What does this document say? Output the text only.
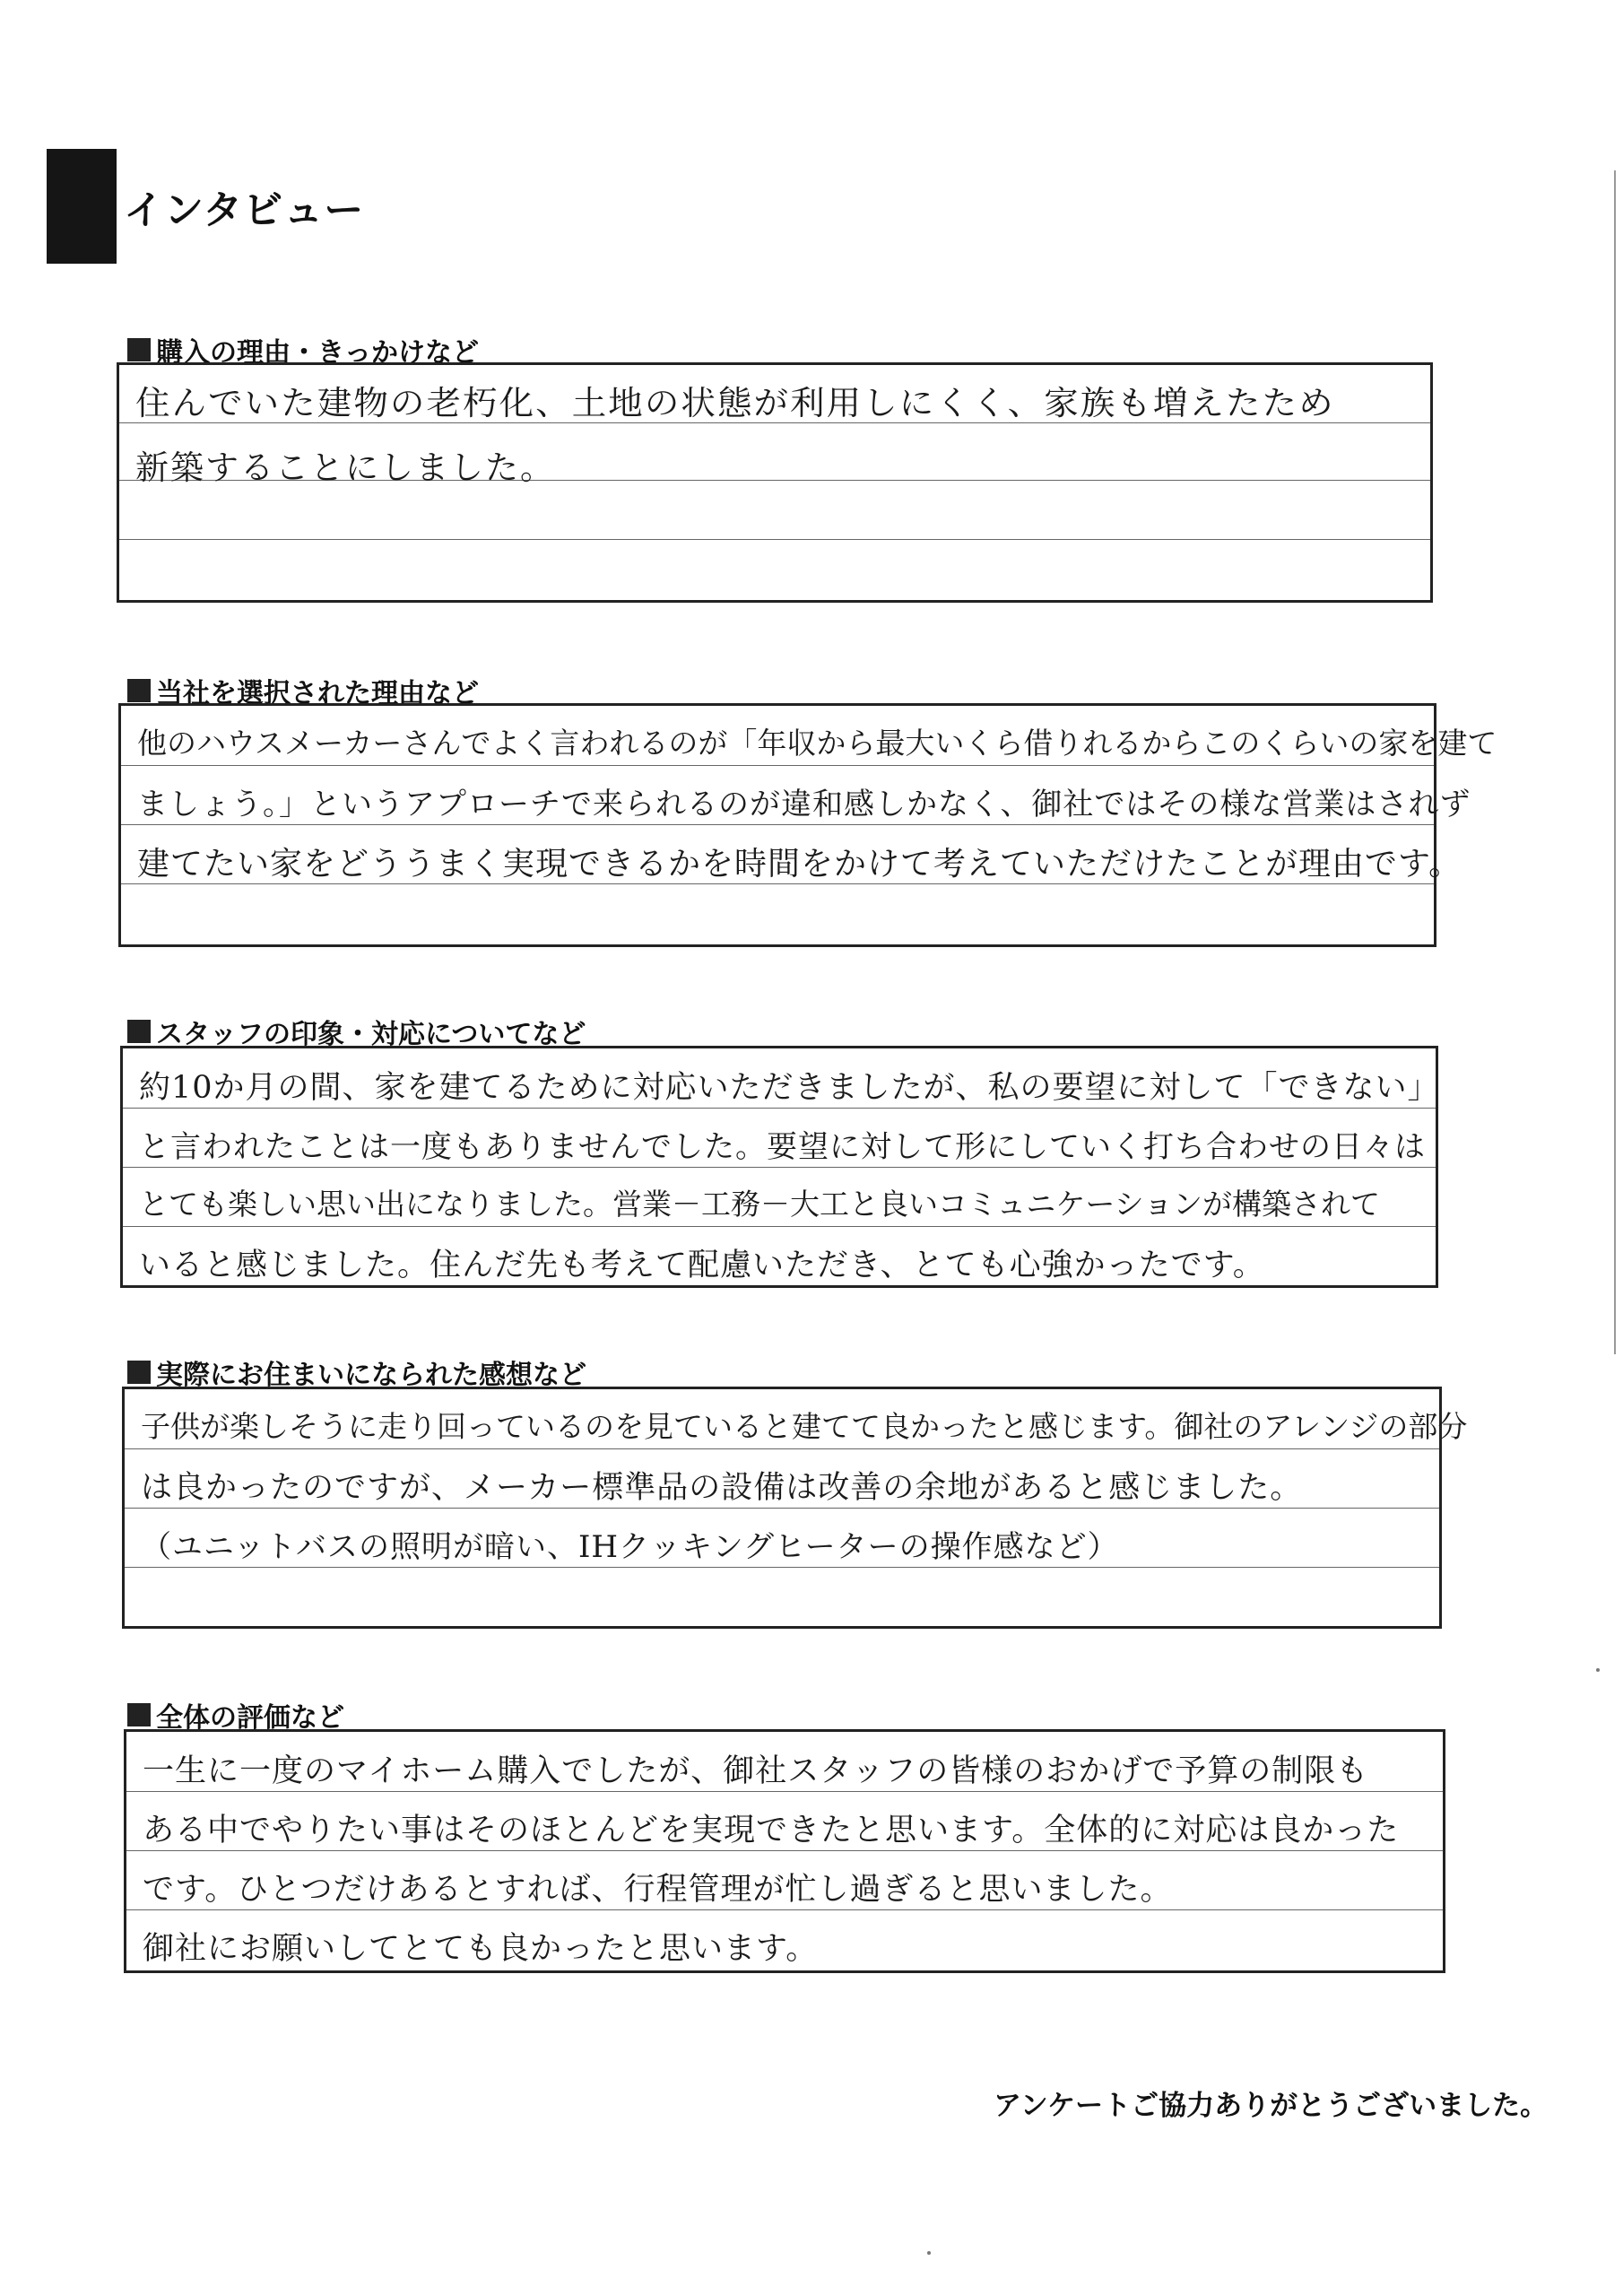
インタビュー
購入の理由・きっかけなど
住んでいた建物の老朽化、土地の状態が利用しにくく、家族も増えたため
新築することにしました。
当社を選択された理由など
他のハウスメーカーさんでよく言われるのが「年収から最大いくら借りれるからこのくらいの家を建て
ましょう。」というアプローチで来られるのが違和感しかなく、御社ではその様な営業はされず
建てたい家をどううまく実現できるかを時間をかけて考えていただけたことが理由です。
スタッフの印象・対応についてなど
約10か月の間、家を建てるために対応いただきましたが、私の要望に対して「できない」
と言われたことは一度もありませんでした。要望に対して形にしていく打ち合わせの日々は
とても楽しい思い出になりました。営業－工務－大工と良いコミュニケーションが構築されて
いると感じました。住んだ先も考えて配慮いただき、とても心強かったです。
実際にお住まいになられた感想など
子供が楽しそうに走り回っているのを見ていると建てて良かったと感じます。御社のアレンジの部分
は良かったのですが、メーカー標準品の設備は改善の余地があると感じました。
（ユニットバスの照明が暗い、IHクッキングヒーターの操作感など）
全体の評価など
一生に一度のマイホーム購入でしたが、御社スタッフの皆様のおかげで予算の制限も
ある中でやりたい事はそのほとんどを実現できたと思います。全体的に対応は良かった
です。ひとつだけあるとすれば、行程管理が忙し過ぎると思いました。
御社にお願いしてとても良かったと思います。
アンケートご協力ありがとうございました。
